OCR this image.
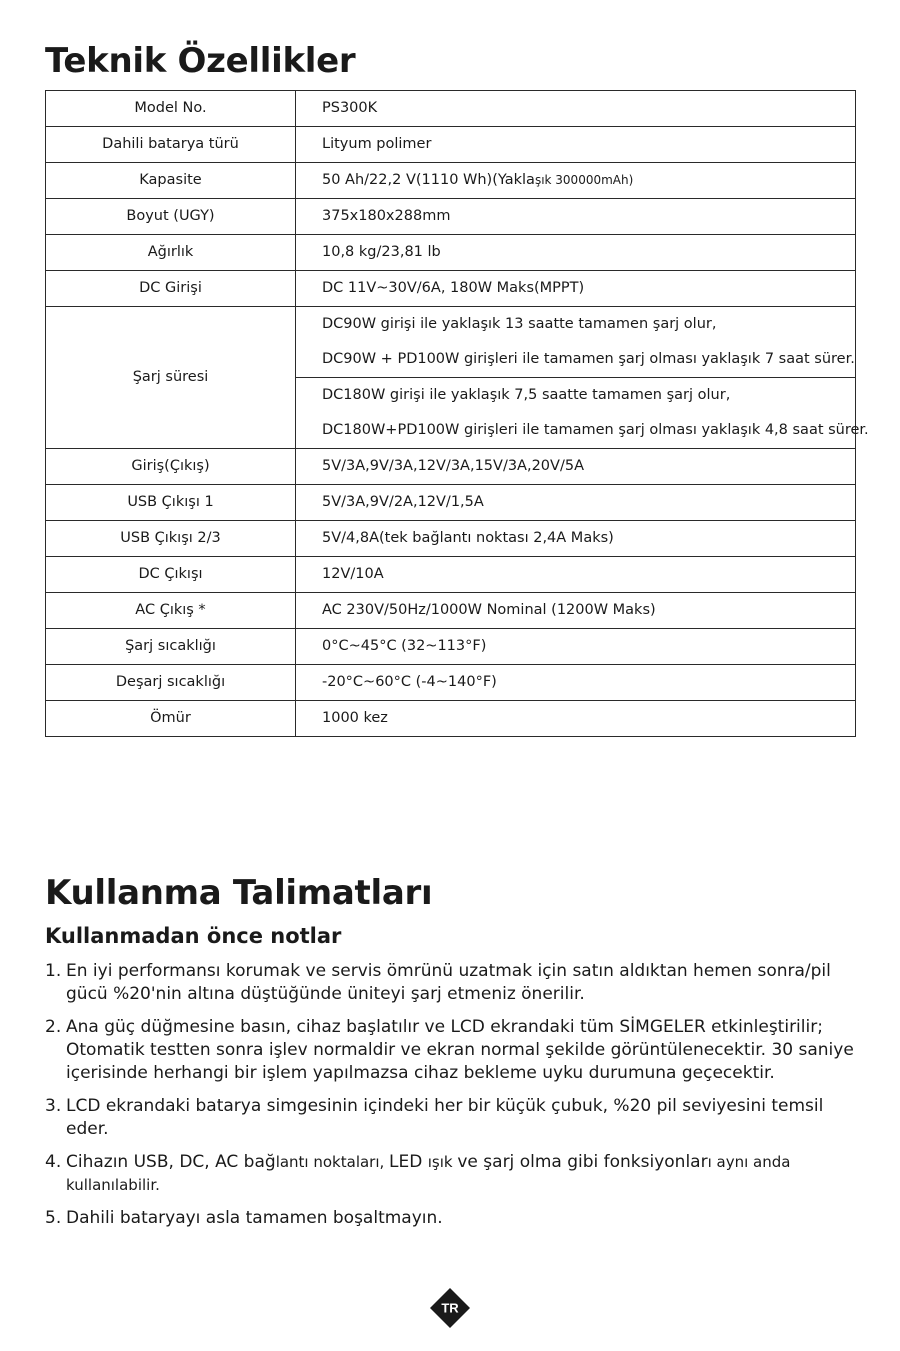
Teknik Özellikler
Model No.	PS300K
Dahili batarya türü	Lityum polimer
Kapasite	50 Ah/22,2 V(1110 Wh)(Yaklaşık 300000mAh)
Boyut (UGY)	375x180x288mm
Ağırlık	10,8 kg/23,81 lb
DC Girişi	DC 11V~30V/6A, 180W Maks(MPPT)
Şarj süresi	DC90W girişi ile yaklaşık 13 saatte tamamen şarj olur,
	DC90W + PD100W girişleri ile tamamen şarj olması yaklaşık 7 saat sürer.
	DC180W girişi ile yaklaşık 7,5 saatte tamamen şarj olur,
	DC180W+PD100W girişleri ile tamamen şarj olması yaklaşık 4,8 saat sürer.
Giriş(Çıkış)	5V/3A,9V/3A,12V/3A,15V/3A,20V/5A
USB Çıkışı 1	5V/3A,9V/2A,12V/1,5A
USB Çıkışı 2/3	5V/4,8A(tek bağlantı noktası 2,4A Maks)
DC Çıkışı	12V/10A
AC Çıkış *	AC 230V/50Hz/1000W Nominal (1200W Maks)
Şarj sıcaklığı	0°C~45°C (32~113°F)
Deşarj sıcaklığı	-20°C~60°C (-4~140°F)
Ömür	1000 kez
Kullanma Talimatları
Kullanmadan önce notlar
1. En iyi performansı korumak ve servis ömrünü uzatmak için satın aldıktan hemen sonra/pil gücü %20'nin altına düştüğünde üniteyi şarj etmeniz önerilir.
2. Ana güç düğmesine basın, cihaz başlatılır ve LCD ekrandaki tüm SİMGELER etkinleştirilir; Otomatik testten sonra işlev normaldir ve ekran normal şekilde görüntülenecektir. 30 saniye içerisinde herhangi bir işlem yapılmazsa cihaz bekleme uyku durumuna geçecektir.
3. LCD ekrandaki batarya simgesinin içindeki her bir küçük çubuk, %20 pil seviyesini temsil eder.
4. Cihazın USB, DC, AC bağlantı noktaları, LED ışık ve şarj olma gibi fonksiyonları aynı anda kullanılabilir.
5. Dahili bataryayı asla tamamen boşaltmayın.
TR
